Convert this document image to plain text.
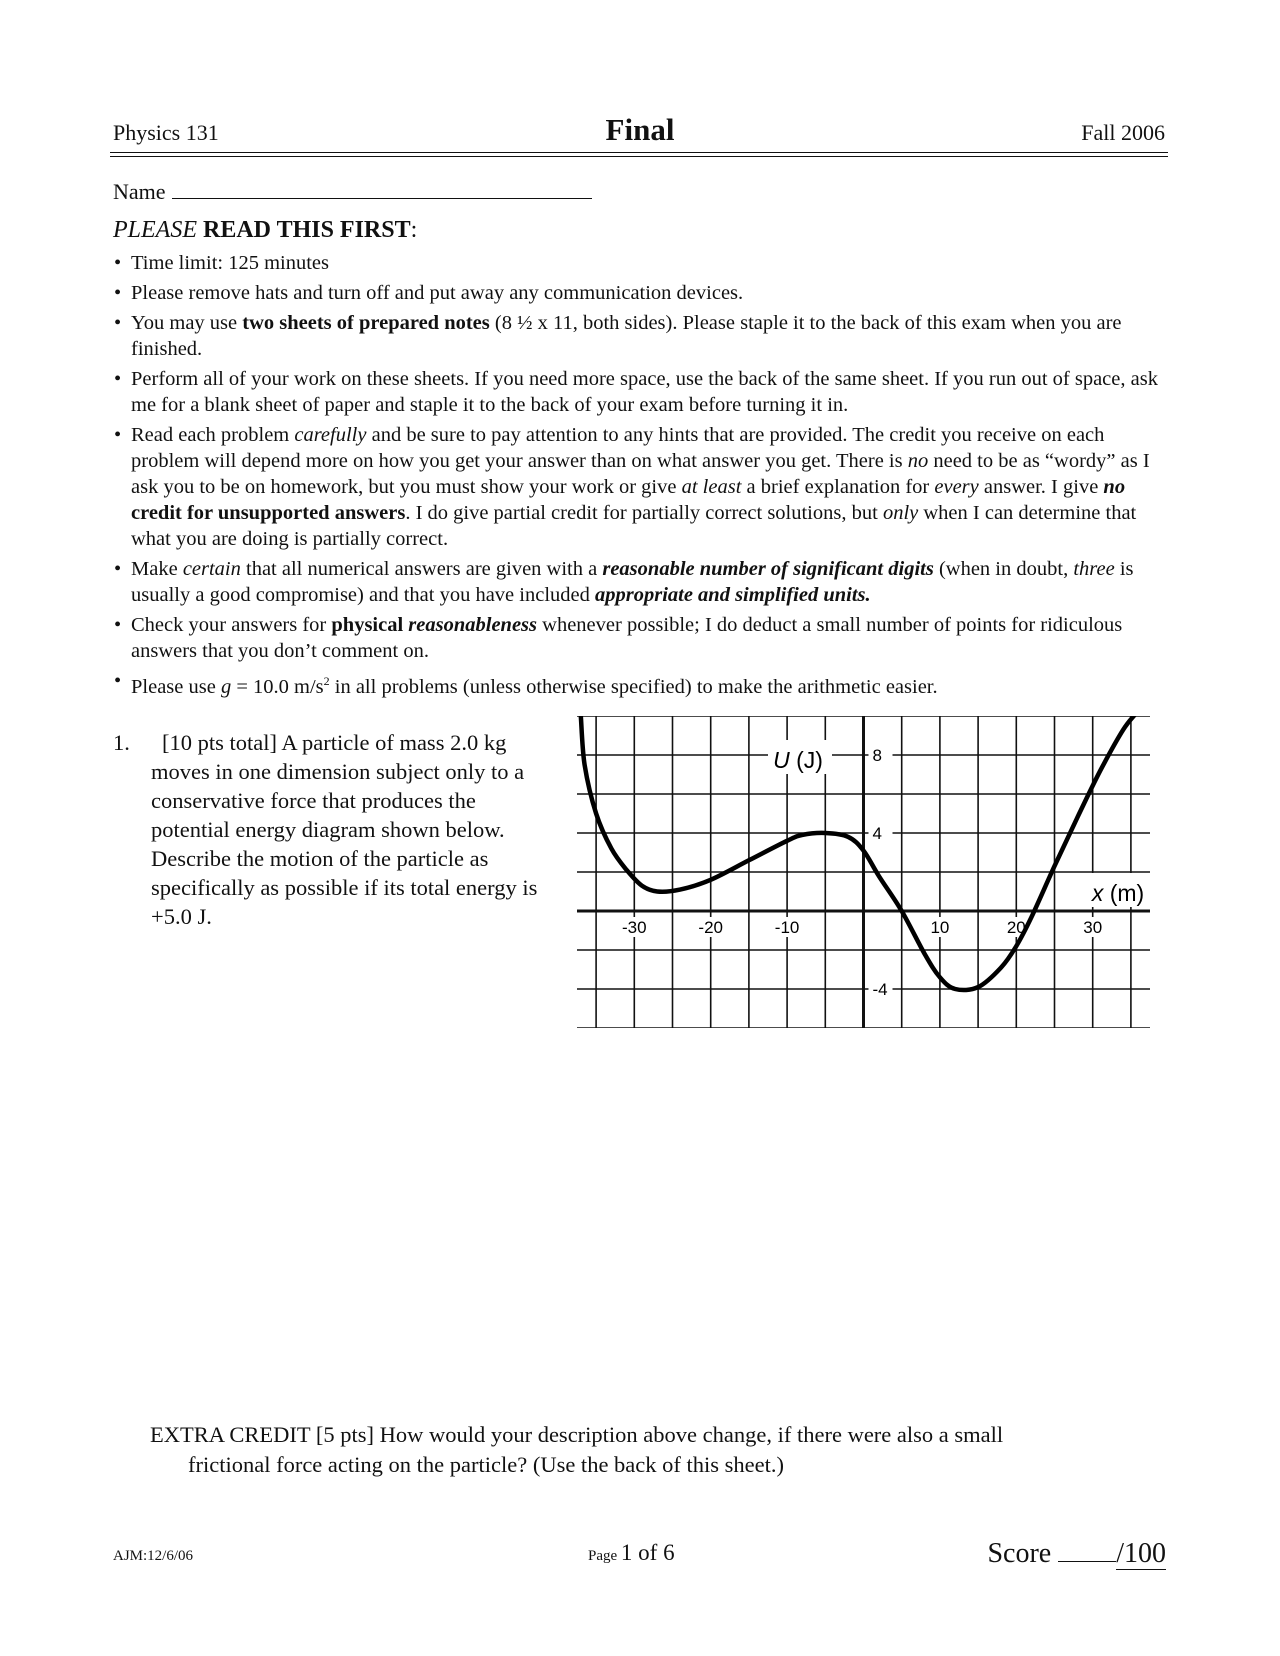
Physics 131	Final	Fall 2006
Name
PLEASE READ THIS FIRST:
• Time limit: 125 minutes
• Please remove hats and turn off and put away any communication devices.
• You may use two sheets of prepared notes (8 ½ x 11, both sides). Please staple it to the back of this exam when you are finished.
• Perform all of your work on these sheets. If you need more space, use the back of the same sheet. If you run out of space, ask me for a blank sheet of paper and staple it to the back of your exam before turning it in.
• Read each problem carefully and be sure to pay attention to any hints that are provided. The credit you receive on each problem will depend more on how you get your answer than on what answer you get. There is no need to be as “wordy” as I ask you to be on homework, but you must show your work or give at least a brief explanation for every answer. I give no credit for unsupported answers. I do give partial credit for partially correct solutions, but only when I can determine that what you are doing is partially correct.
• Make certain that all numerical answers are given with a reasonable number of significant digits (when in doubt, three is usually a good compromise) and that you have included appropriate and simplified units.
• Check your answers for physical reasonableness whenever possible; I do deduct a small number of points for ridiculous answers that you don’t comment on.
• Please use g = 10.0 $m/s^2$ in all problems (unless otherwise specified) to make the arithmetic easier.
1.	[10 pts total] A particle of mass 2.0 kg moves in one dimension subject only to a conservative force that produces the potential energy diagram shown below. Describe the motion of the particle as specifically as possible if its total energy is +5.0 J.	-30	-20	-10	10	20	30
8
4
-4
U (J)
x (m)
EXTRA CREDIT [5 pts] How would your description above change, if there were also a small
frictional force acting on the particle? (Use the back of this sheet.)
AJM:12/6/06	Page 1 of 6	Score /100
